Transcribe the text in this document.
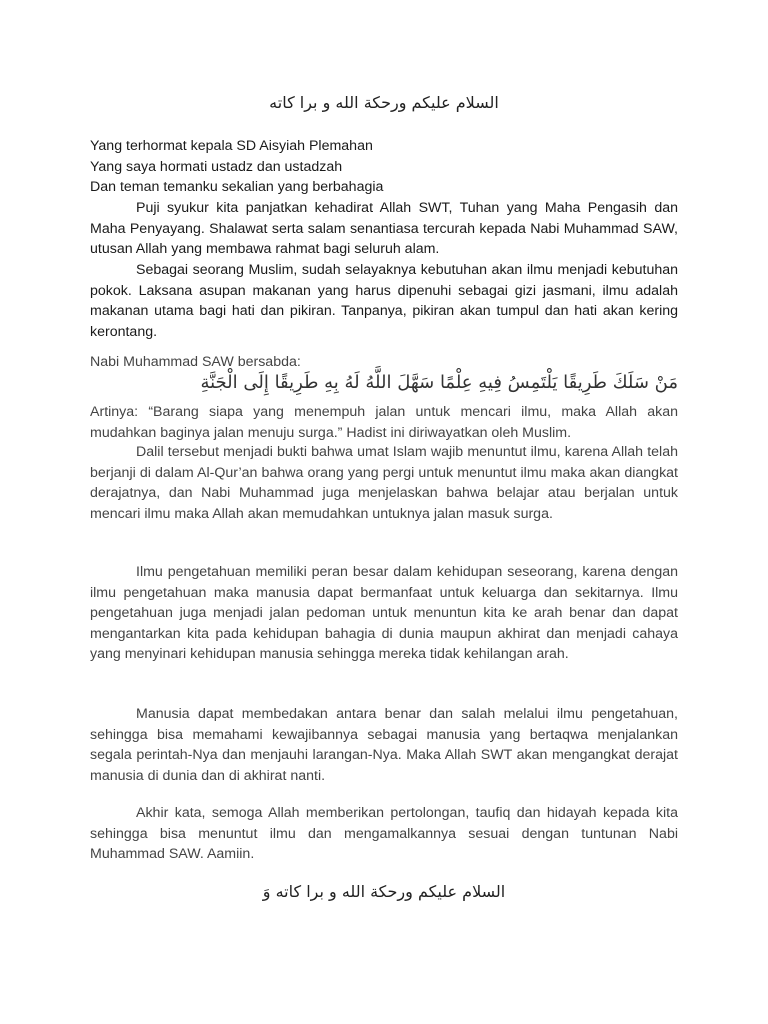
السلام عليكم ورحكة الله و برا كاته
Yang terhormat kepala SD Aisyiah Plemahan
Yang saya hormati ustadz dan ustadzah
Dan teman temanku sekalian yang berbahagia

Puji syukur kita panjatkan kehadirat Allah SWT, Tuhan yang Maha Pengasih dan Maha Penyayang. Shalawat serta salam senantiasa tercurah kepada Nabi Muhammad SAW, utusan Allah yang membawa rahmat bagi seluruh alam.

Sebagai seorang Muslim, sudah selayaknya kebutuhan akan ilmu menjadi kebutuhan pokok. Laksana asupan makanan yang harus dipenuhi sebagai gizi jasmani, ilmu adalah makanan utama bagi hati dan pikiran. Tanpanya, pikiran akan tumpul dan hati akan kering kerontang.

Nabi Muhammad SAW bersabda:
مَنْ سَلَكَ طَرِيقًا يَلْتَمِسُ فِيهِ عِلْمًا سَهَّلَ اللَّهُ لَهُ بِهِ طَرِيقًا إِلَى الْجَنَّةِ

Artinya: “Barang siapa yang menempuh jalan untuk mencari ilmu, maka Allah akan mudahkan baginya jalan menuju surga.” Hadist ini diriwayatkan oleh Muslim.

Dalil tersebut menjadi bukti bahwa umat Islam wajib menuntut ilmu, karena Allah telah berjanji di dalam Al-Qur’an bahwa orang yang pergi untuk menuntut ilmu maka akan diangkat derajatnya, dan Nabi Muhammad juga menjelaskan bahwa belajar atau berjalan untuk mencari ilmu maka Allah akan memudahkan untuknya jalan masuk surga.

Ilmu pengetahuan memiliki peran besar dalam kehidupan seseorang, karena dengan ilmu pengetahuan maka manusia dapat bermanfaat untuk keluarga dan sekitarnya. Ilmu pengetahuan juga menjadi jalan pedoman untuk menuntun kita ke arah benar dan dapat mengantarkan kita pada kehidupan bahagia di dunia maupun akhirat dan menjadi cahaya yang menyinari kehidupan manusia sehingga mereka tidak kehilangan arah.

Manusia dapat membedakan antara benar dan salah melalui ilmu pengetahuan, sehingga bisa memahami kewajibannya sebagai manusia yang bertaqwa menjalankan segala perintah-Nya dan menjauhi larangan-Nya. Maka Allah SWT akan mengangkat derajat manusia di dunia dan di akhirat nanti.

Akhir kata, semoga Allah memberikan pertolongan, taufiq dan hidayah kepada kita sehingga bisa menuntut ilmu dan mengamalkannya sesuai dengan tuntunan Nabi Muhammad SAW. Aamiin.

السلام عليكم ورحكة الله و برا كاته وَ
